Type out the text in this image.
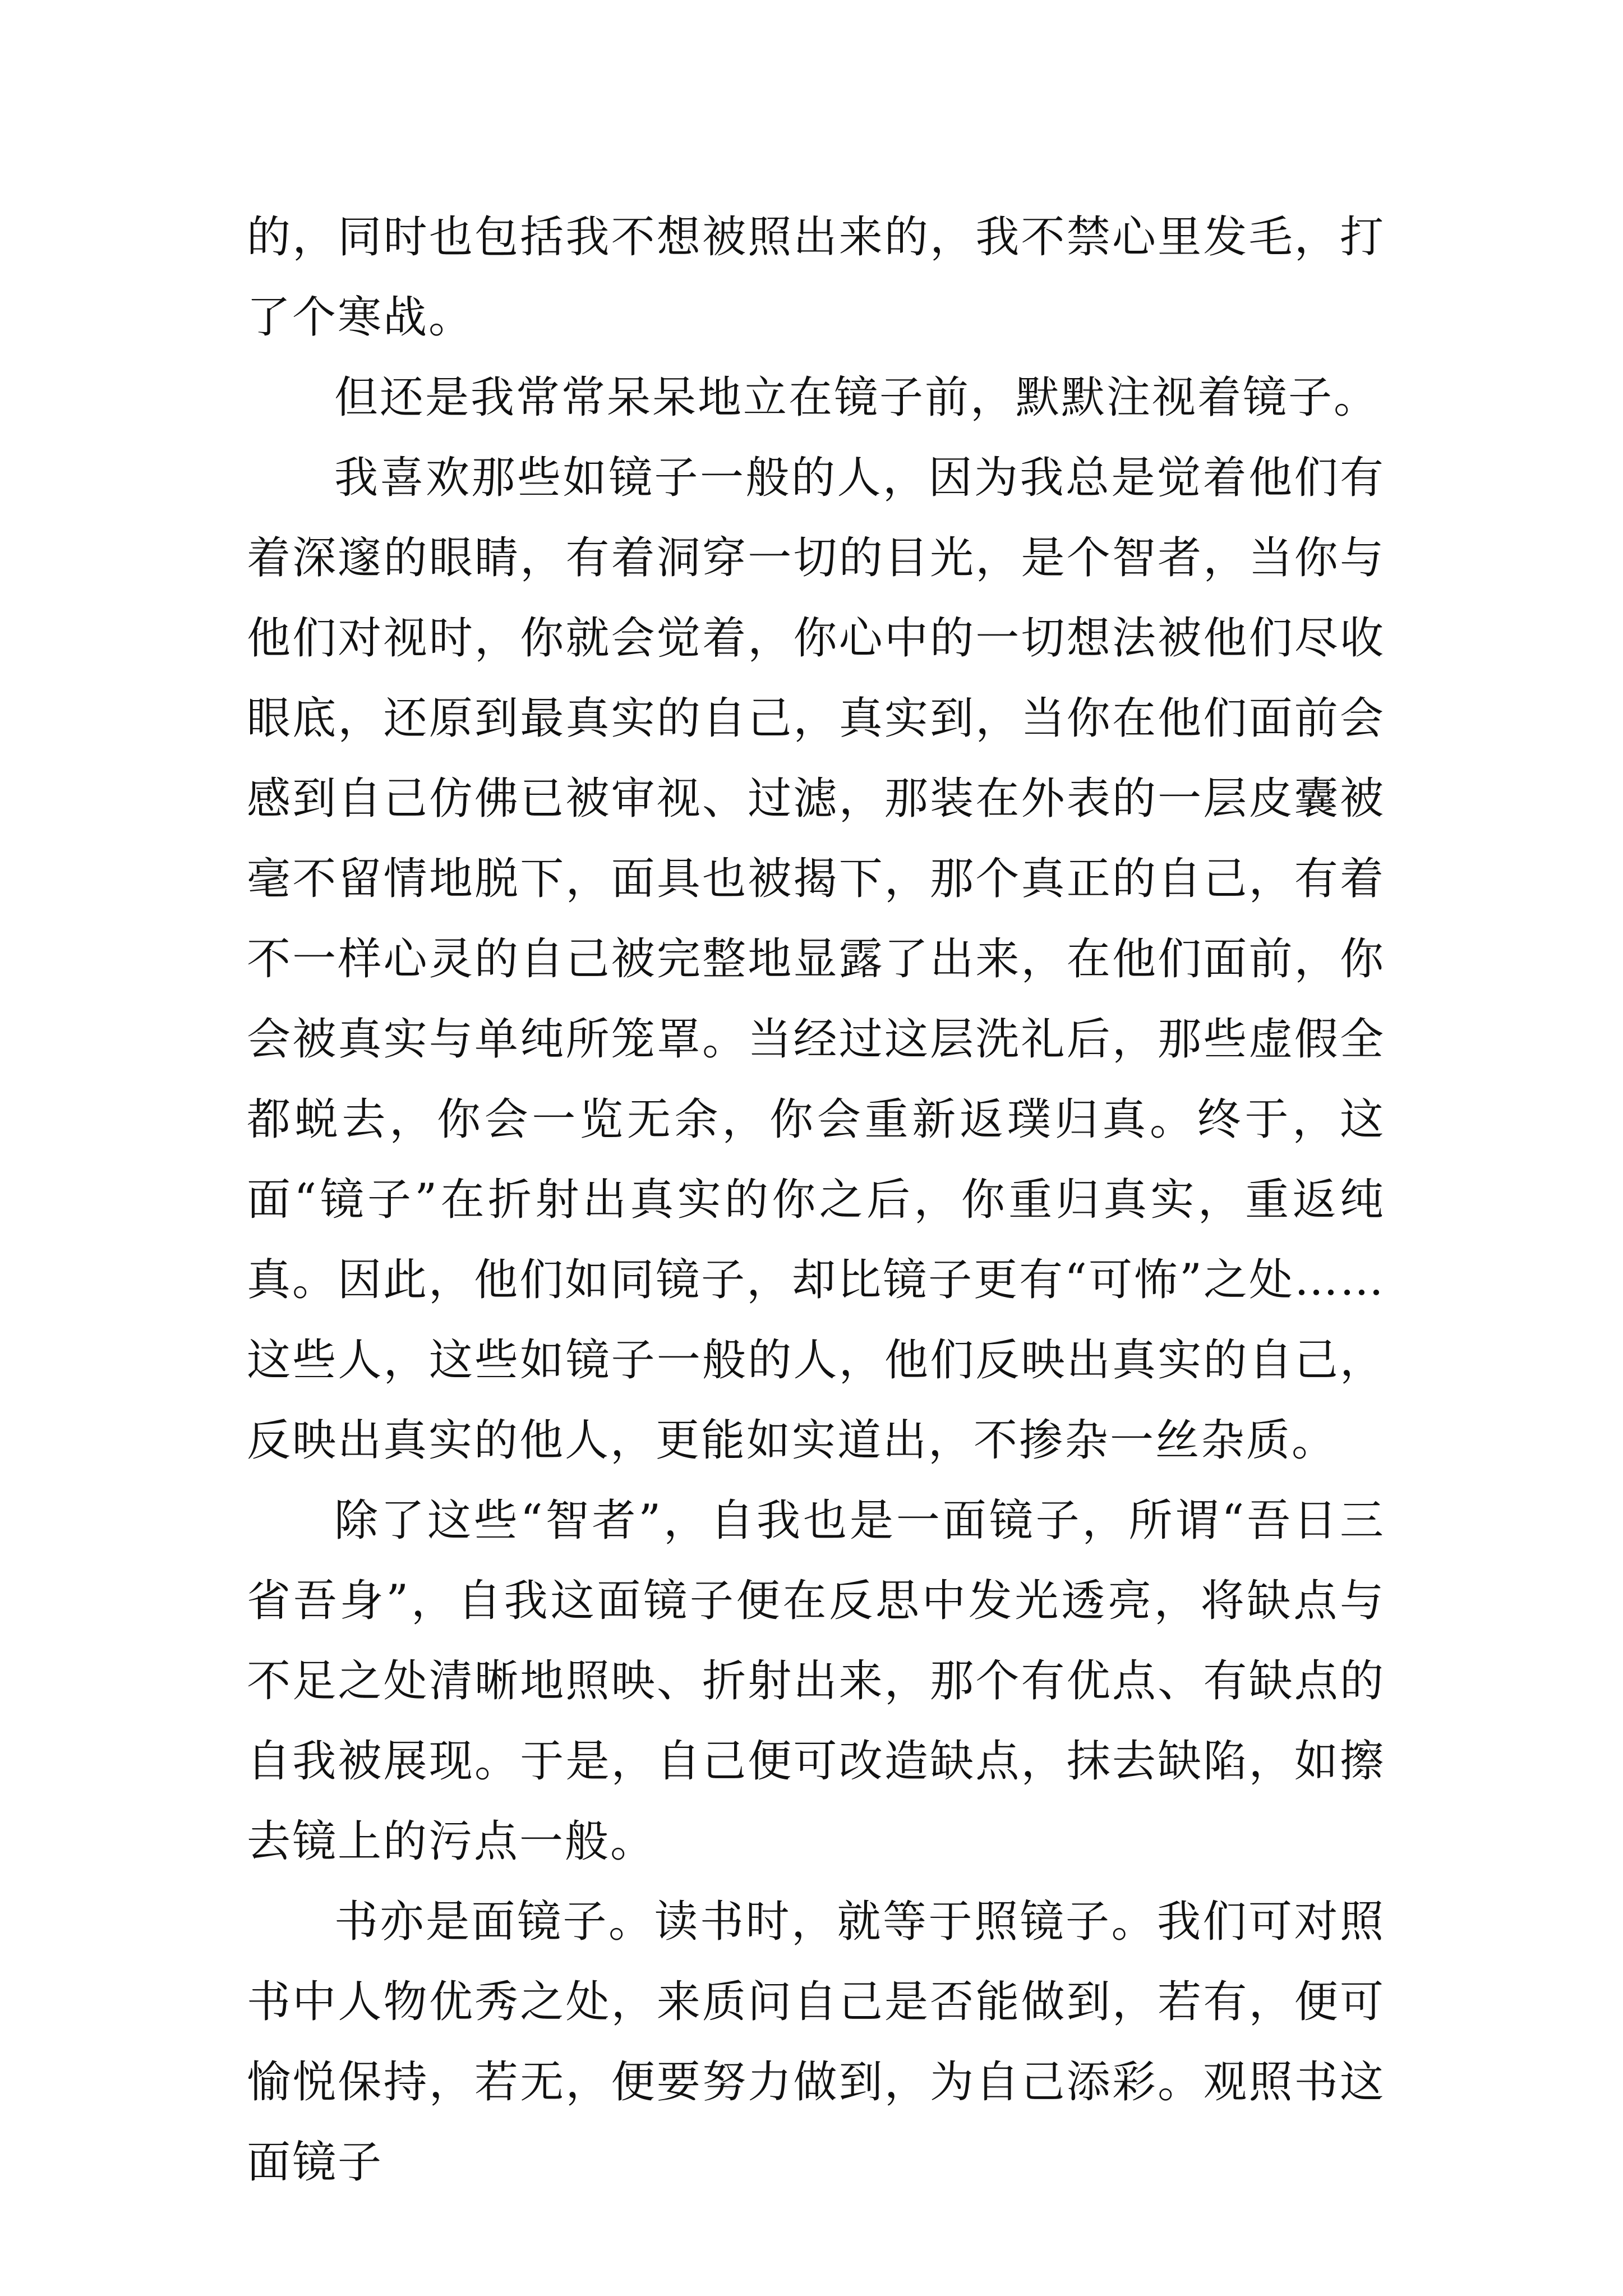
的，同时也包括我不想被照出来的，我不禁心里发毛，打了个寒战。

但还是我常常呆呆地立在镜子前，默默注视着镜子。

我喜欢那些如镜子一般的人，因为我总是觉着他们有着深邃的眼睛，有着洞穿一切的目光，是个智者，当你与他们对视时，你就会觉着，你心中的一切想法被他们尽收眼底，还原到最真实的自己，真实到，当你在他们面前会感到自己仿佛已被审视、过滤，那装在外表的一层皮囊被毫不留情地脱下，面具也被揭下，那个真正的自己，有着不一样心灵的自己被完整地显露了出来，在他们面前，你会被真实与单纯所笼罩。当经过这层洗礼后，那些虚假全都蜕去，你会一览无余，你会重新返璞归真。终于，这面“镜子”在折射出真实的你之后，你重归真实，重返纯真。因此，他们如同镜子，却比镜子更有“可怖”之处……这些人，这些如镜子一般的人，他们反映出真实的自己，反映出真实的他人，更能如实道出，不掺杂一丝杂质。

除了这些“智者”，自我也是一面镜子，所谓“吾日三省吾身”，自我这面镜子便在反思中发光透亮，将缺点与不足之处清晰地照映、折射出来，那个有优点、有缺点的自我被展现。于是，自己便可改造缺点，抹去缺陷，如擦去镜上的污点一般。

书亦是面镜子。读书时，就等于照镜子。我们可对照书中人物优秀之处，来质问自己是否能做到，若有，便可愉悦保持，若无，便要努力做到，为自己添彩。观照书这面镜子
